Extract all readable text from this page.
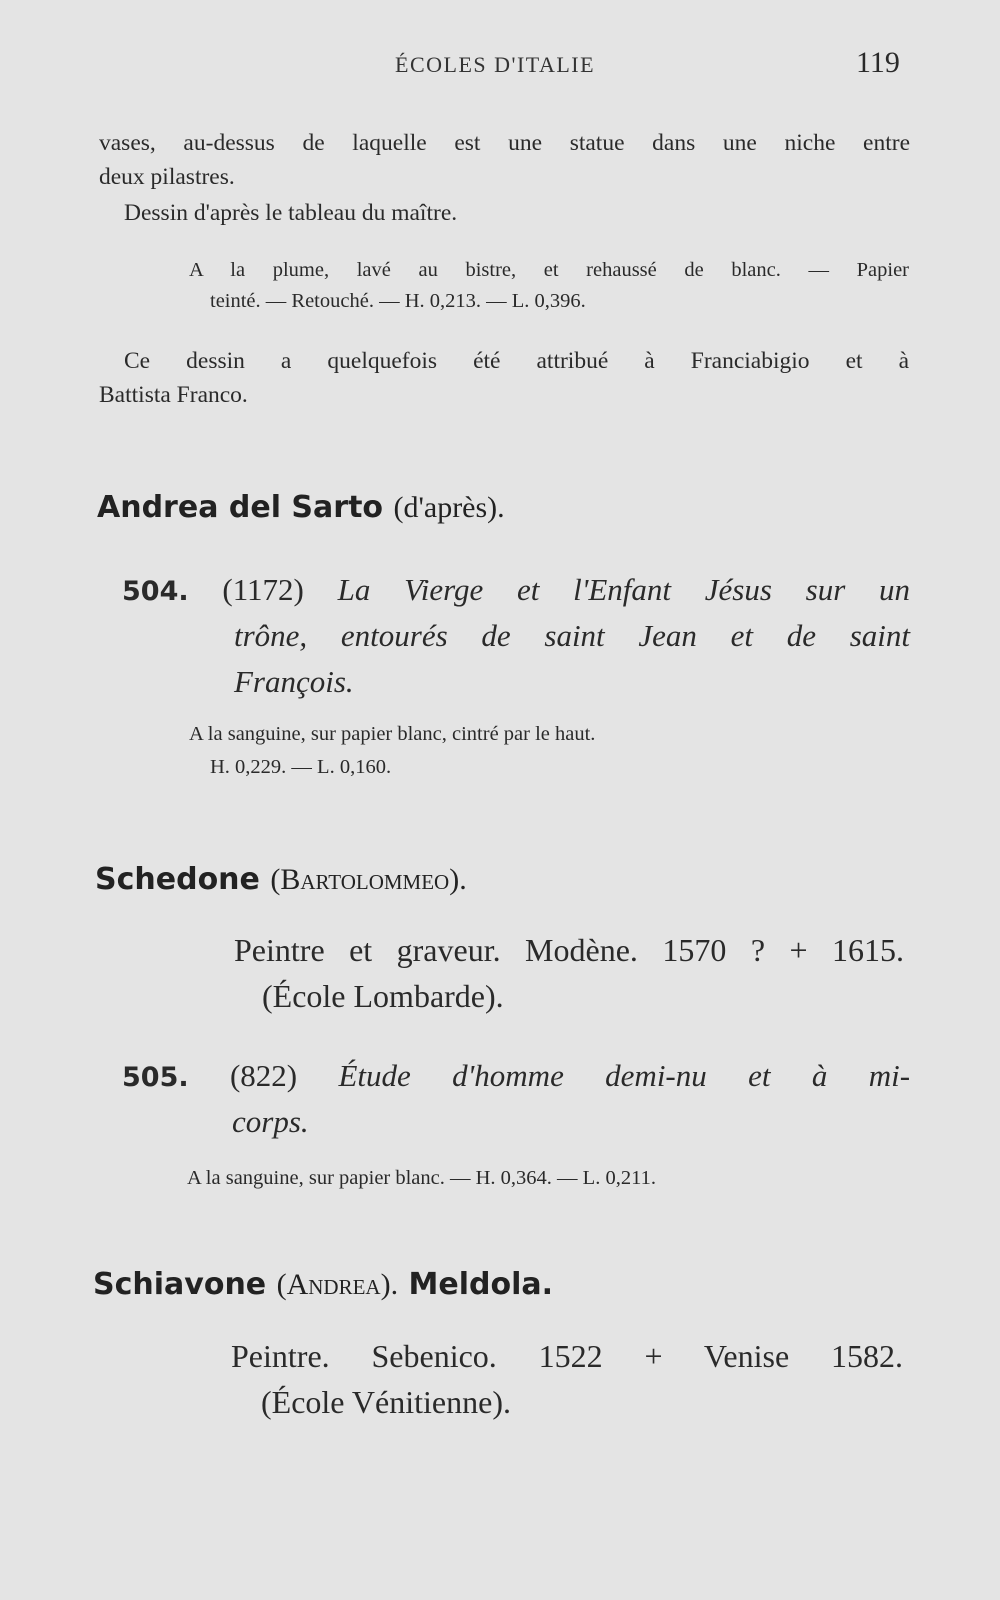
ÉCOLES D'ITALIE	119

vases, au-dessus de laquelle est une statue dans une niche entre

deux pilastres.

Dessin d'après le tableau du maître.

A la plume, lavé au bistre, et rehaussé de blanc. — Papier

teinté. — Retouché. — H. 0,213. — L. 0,396.

Ce dessin a quelquefois été attribué à Franciabigio et à

Battista Franco.

Andrea del Sarto (d'après).
504. (1172) La Vierge et l'Enfant Jésus sur un
trône, entourés de saint Jean et de saint
François.

A la sanguine, sur papier blanc, cintré par le haut.

H. 0,229. — L. 0,160.

Schedone (Bartolommeo).

Peintre et graveur. Modène. 1570 ? + 1615.

(École Lombarde).

505. (822) Étude d'homme demi-nu et à mi-
corps.

A la sanguine, sur papier blanc. — H. 0,364. — L. 0,211.

Schiavone (Andrea). Meldola.

Peintre. Sebenico. 1522 + Venise 1582.

(École Vénitienne).
